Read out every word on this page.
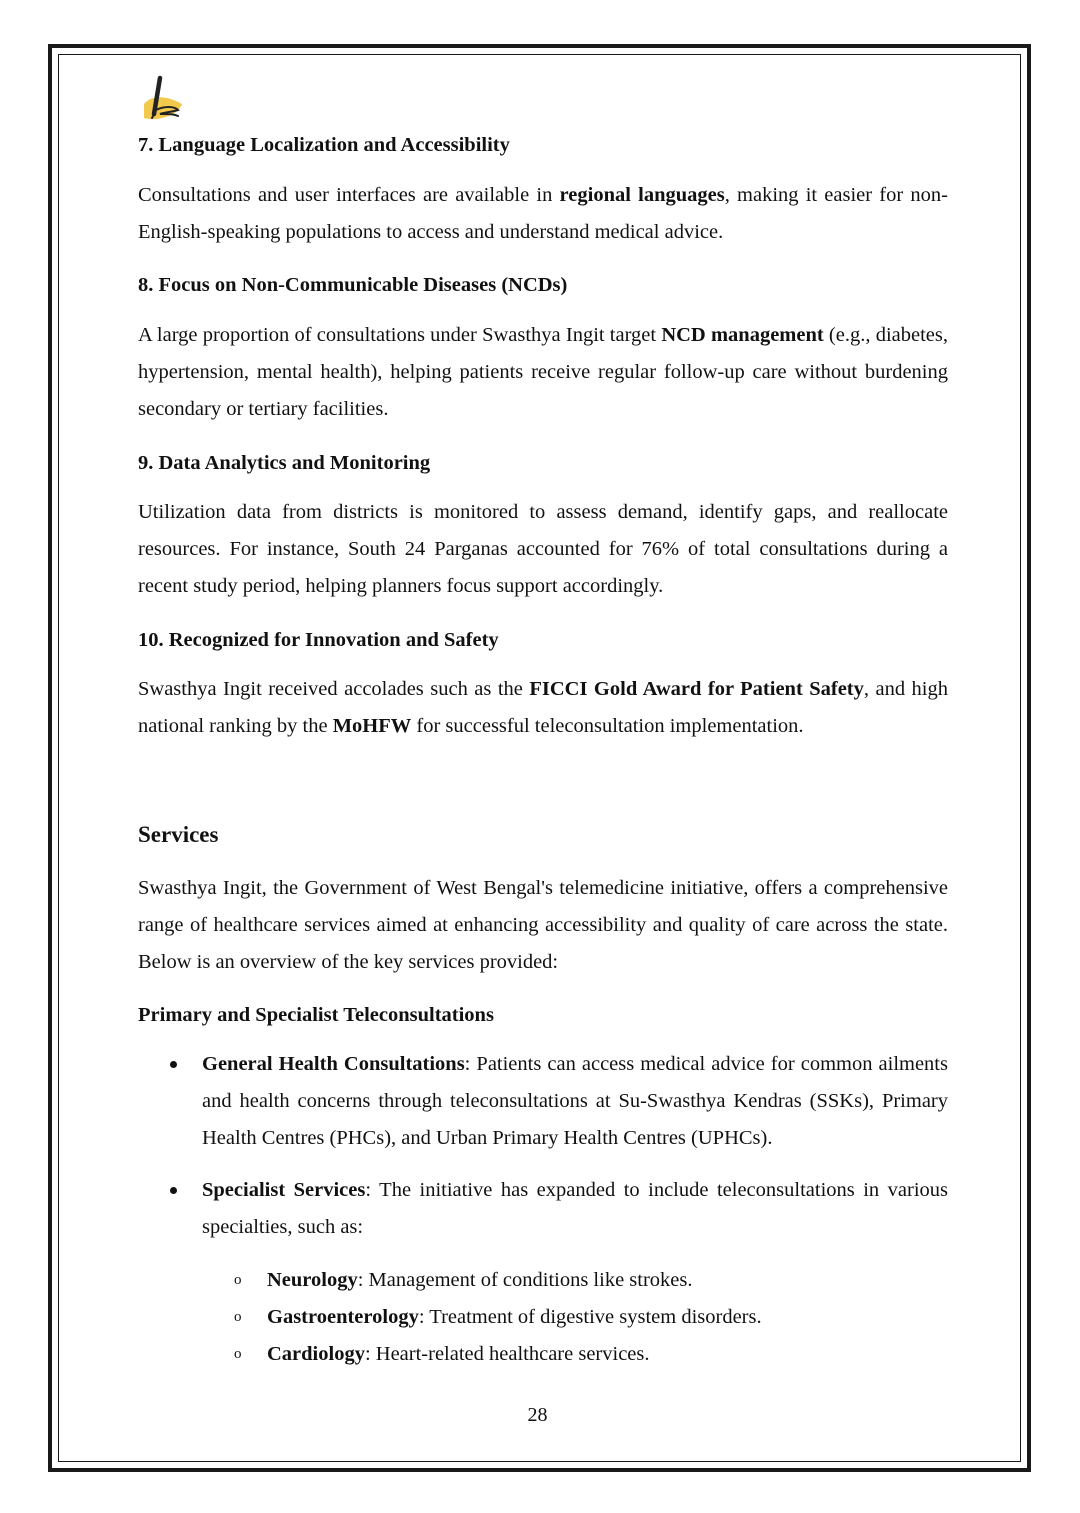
7. Language Localization and Accessibility

Consultations and user interfaces are available in regional languages, making it easier for non-English-speaking populations to access and understand medical advice.

8. Focus on Non-Communicable Diseases (NCDs)

A large proportion of consultations under Swasthya Ingit target NCD management (e.g., diabetes, hypertension, mental health), helping patients receive regular follow-up care without burdening secondary or tertiary facilities.

9. Data Analytics and Monitoring

Utilization data from districts is monitored to assess demand, identify gaps, and reallocate resources. For instance, South 24 Parganas accounted for 76% of total consultations during a recent study period, helping planners focus support accordingly.

10. Recognized for Innovation and Safety

Swasthya Ingit received accolades such as the FICCI Gold Award for Patient Safety, and high national ranking by the MoHFW for successful teleconsultation implementation.

Services

Swasthya Ingit, the Government of West Bengal's telemedicine initiative, offers a comprehensive range of healthcare services aimed at enhancing accessibility and quality of care across the state. Below is an overview of the key services provided:

Primary and Specialist Teleconsultations

General Health Consultations: Patients can access medical advice for common ailments and health concerns through teleconsultations at Su-Swasthya Kendras (SSKs), Primary Health Centres (PHCs), and Urban Primary Health Centres (UPHCs).
Specialist Services: The initiative has expanded to include teleconsultations in various specialties, such as:
o Neurology: Management of conditions like strokes.
o Gastroenterology: Treatment of digestive system disorders.
o Cardiology: Heart-related healthcare services.
28
